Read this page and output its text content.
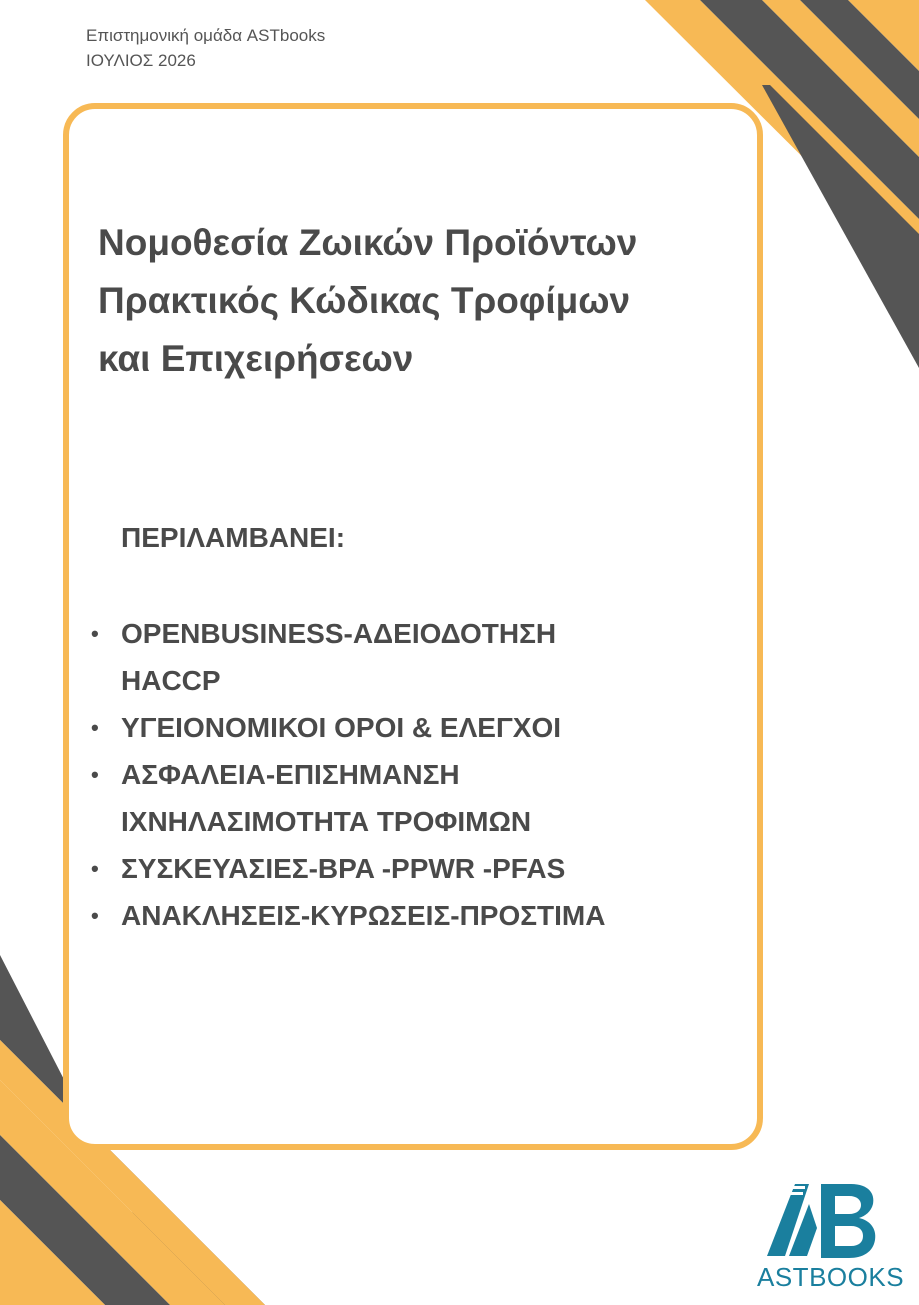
Επιστημονική ομάδα ASTbooks
ΙΟΥΛΙΟΣ 2026
Νομοθεσία Ζωικών Προϊόντων
Πρακτικός Κώδικας Τροφίμων
και Επιχειρήσεων
ΠΕΡΙΛΑΜΒΑΝΕΙ:
• OPENBUSINESS-ΑΔΕΙΟΔΟΤΗΣΗ
HACCP
• ΥΓΕΙΟΝΟΜΙΚΟΙ ΟΡΟΙ & ΕΛΕΓΧΟΙ
• ΑΣΦΑΛΕΙΑ-ΕΠΙΣΗΜΑΝΣΗ
ΙΧΝΗΛΑΣΙΜΟΤΗΤΑ ΤΡΟΦΙΜΩΝ
• ΣΥΣΚΕΥΑΣΙΕΣ-BPA -PPWR -PFAS
• ΑΝΑΚΛΗΣΕΙΣ-ΚΥΡΩΣΕΙΣ-ΠΡΟΣΤΙΜΑ
ASTBOOKS
